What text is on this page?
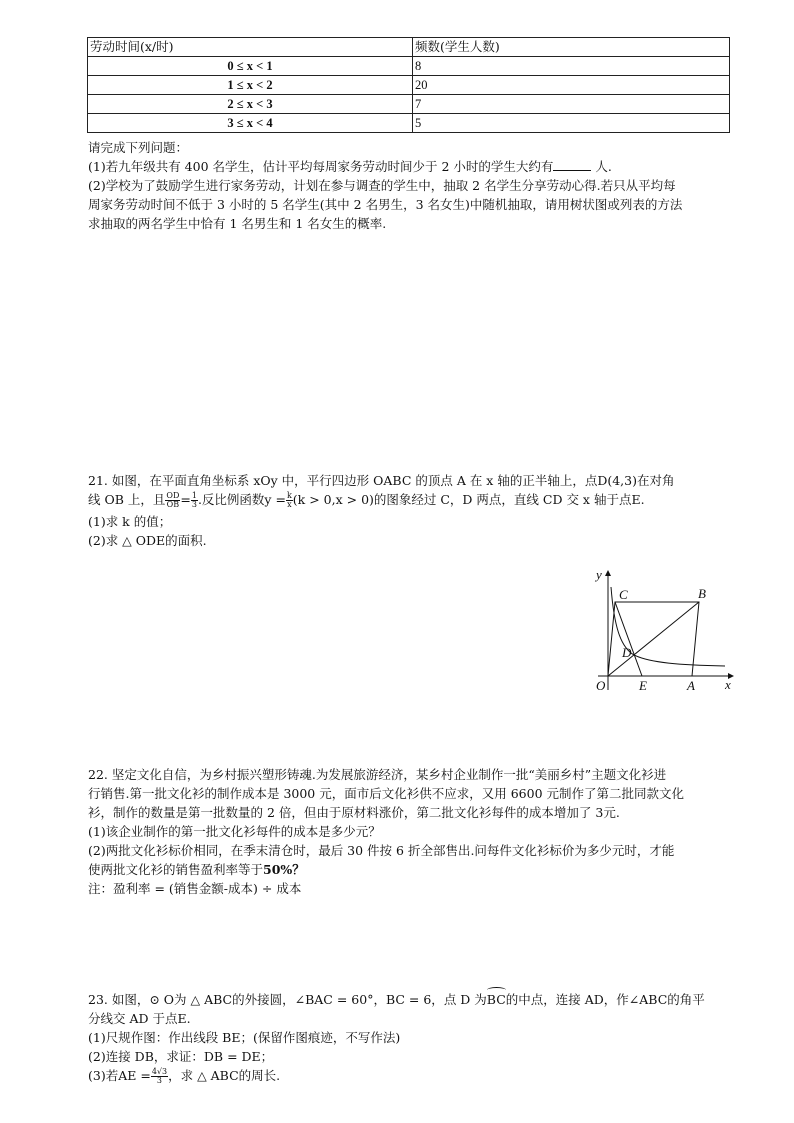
劳动时间(x/时)	频数(学生人数)
0 ≤ x < 1	8
1 ≤ x < 2	20
2 ≤ x < 3	7
3 ≤ x < 4	5
请完成下列问题：
(1)若九年级共有 400 名学生，估计平均每周家务劳动时间少于 2 小时的学生大约有	人.
(2)学校为了鼓励学生进行家务劳动，计划在参与调查的学生中，抽取 2 名学生分享劳动心得.若只从平均每
周家务劳动时间不低于 3 小时的 5 名学生(其中 2 名男生，3 名女生)中随机抽取，请用树状图或列表的方法
求抽取的两名学生中恰有 1 名男生和 1 名女生的概率.
21. 如图，在平面直角坐标系 xOy 中，平行四边形 OABC 的顶点 A 在 x 轴的正半轴上，点D(4,3)在对角
线 OB 上，且 $\frac{OD}{OB}= \frac{1}{3}$.反比例函数$y = \frac{k}{x}(k > 0,x > 0)$的图象经过 C，D 两点，直线 CD 交 x 轴于点E.
(1)求 k 的值；
(2)求 △ ODE的面积.
y
x
O	A
B
C
D
E
22. 坚定文化自信，为乡村振兴塑形铸魂.为发展旅游经济，某乡村企业制作一批“美丽乡村”主题文化衫进
行销售.第一批文化衫的制作成本是 3000 元，面市后文化衫供不应求，又用 6600 元制作了第二批同款文化
衫，制作的数量是第一批数量的 2 倍，但由于原材料涨价，第二批文化衫每件的成本增加了 3元.
(1)该企业制作的第一批文化衫每件的成本是多少元？
(2)两批文化衫标价相同，在季末清仓时，最后 30 件按 6 折全部售出.问每件文化衫标价为多少元时，才能
使两批文化衫的销售盈利率等于50%？
注：盈利率 = (销售金额-成本) ÷ 成本
23. 如图，⊙ O为 △ ABC的外接圆，∠BAC = 60°，BC = 6，点 D 为BC的中点，连接 AD，作∠ABC的角平
分线交 AD 于点E.
(1)尺规作图：作出线段 BE；(保留作图痕迹，不写作法)
(2)连接 DB，求证：DB = DE；
(3)若AE = $\frac{4√3}{3}$，求 △ ABC的周长.
